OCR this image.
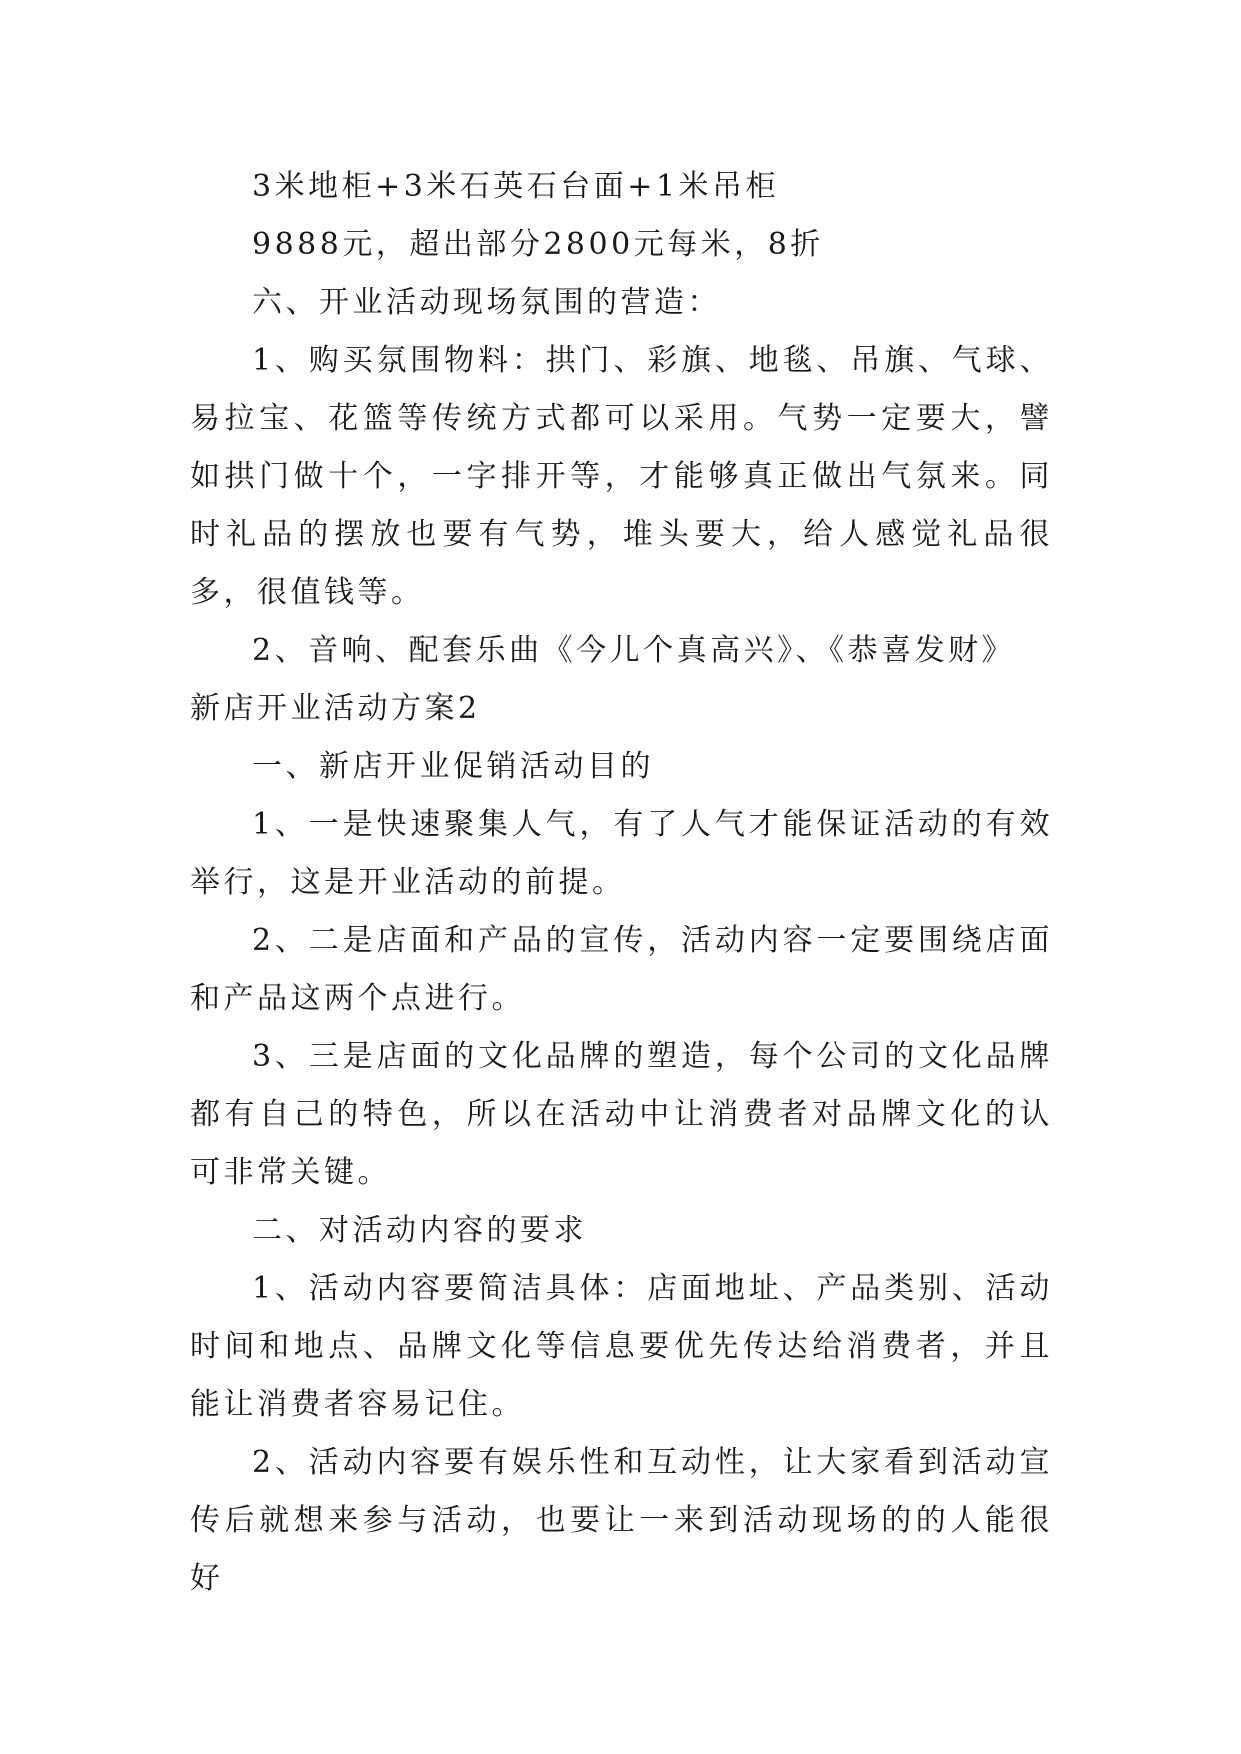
3米地柜+3米石英石台面+1米吊柜

9888元，超出部分2800元每米，8折

六、开业活动现场氛围的营造：

1、购买氛围物料：拱门、彩旗、地毯、吊旗、气球、易拉宝、花篮等传统方式都可以采用。气势一定要大，譬如拱门做十个，一字排开等，才能够真正做出气氛来。同时礼品的摆放也要有气势，堆头要大，给人感觉礼品很多，很值钱等。

2、音响、配套乐曲《今儿个真高兴》、《恭喜发财》

新店开业活动方案2

一、新店开业促销活动目的

1、一是快速聚集人气，有了人气才能保证活动的有效举行，这是开业活动的前提。

2、二是店面和产品的宣传，活动内容一定要围绕店面和产品这两个点进行。

3、三是店面的文化品牌的塑造，每个公司的文化品牌都有自己的特色，所以在活动中让消费者对品牌文化的认可非常关键。

二、对活动内容的要求

1、活动内容要简洁具体：店面地址、产品类别、活动时间和地点、品牌文化等信息要优先传达给消费者，并且能让消费者容易记住。

2、活动内容要有娱乐性和互动性，让大家看到活动宣传后就想来参与活动，也要让一来到活动现场的的人能很好
